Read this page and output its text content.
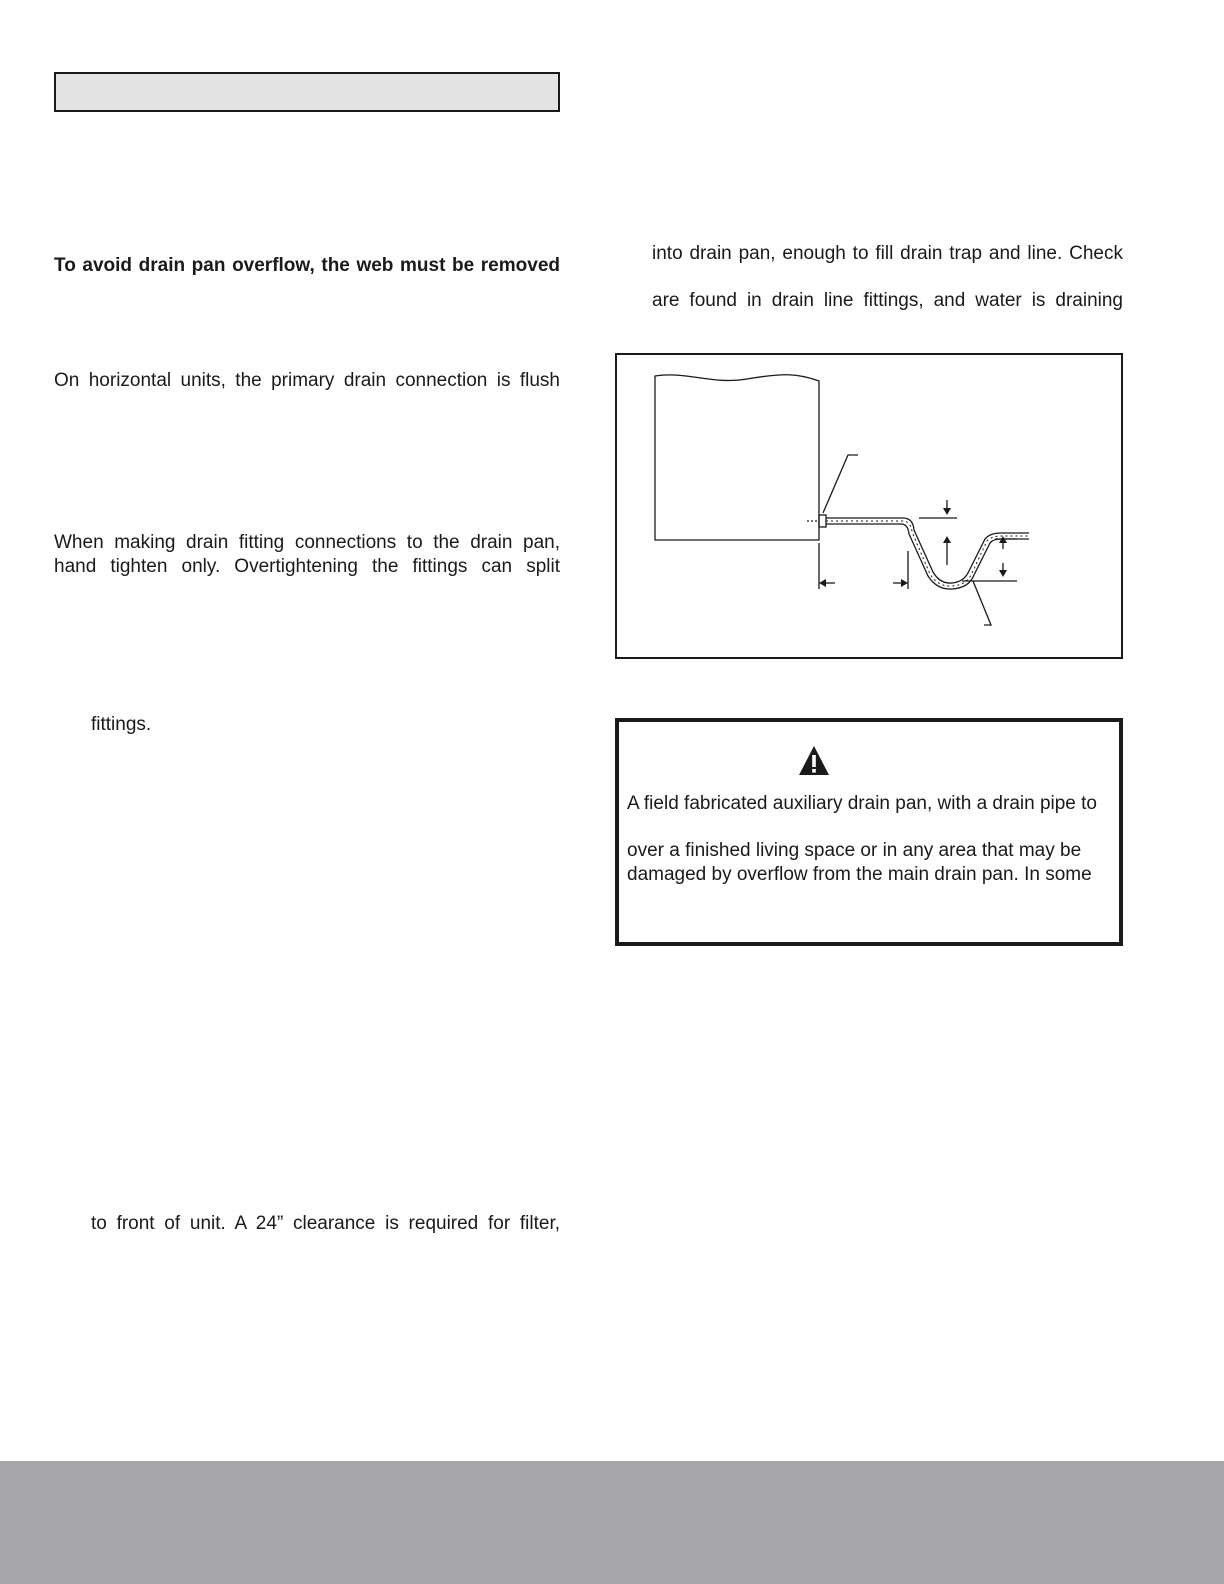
To avoid drain pan overflow, the web must be removed
On horizontal units, the primary drain connection is flush
When making drain fitting connections to the drain pan,
hand tighten only. Overtightening the fittings can split
fittings.
to front of unit. A 24” clearance is required for filter,
into drain pan, enough to fill drain trap and line. Check
are found in drain line fittings, and water is draining
A field fabricated auxiliary drain pan, with a drain pipe to
over a finished living space or in any area that may be
damaged by overflow from the main drain pan. In some
